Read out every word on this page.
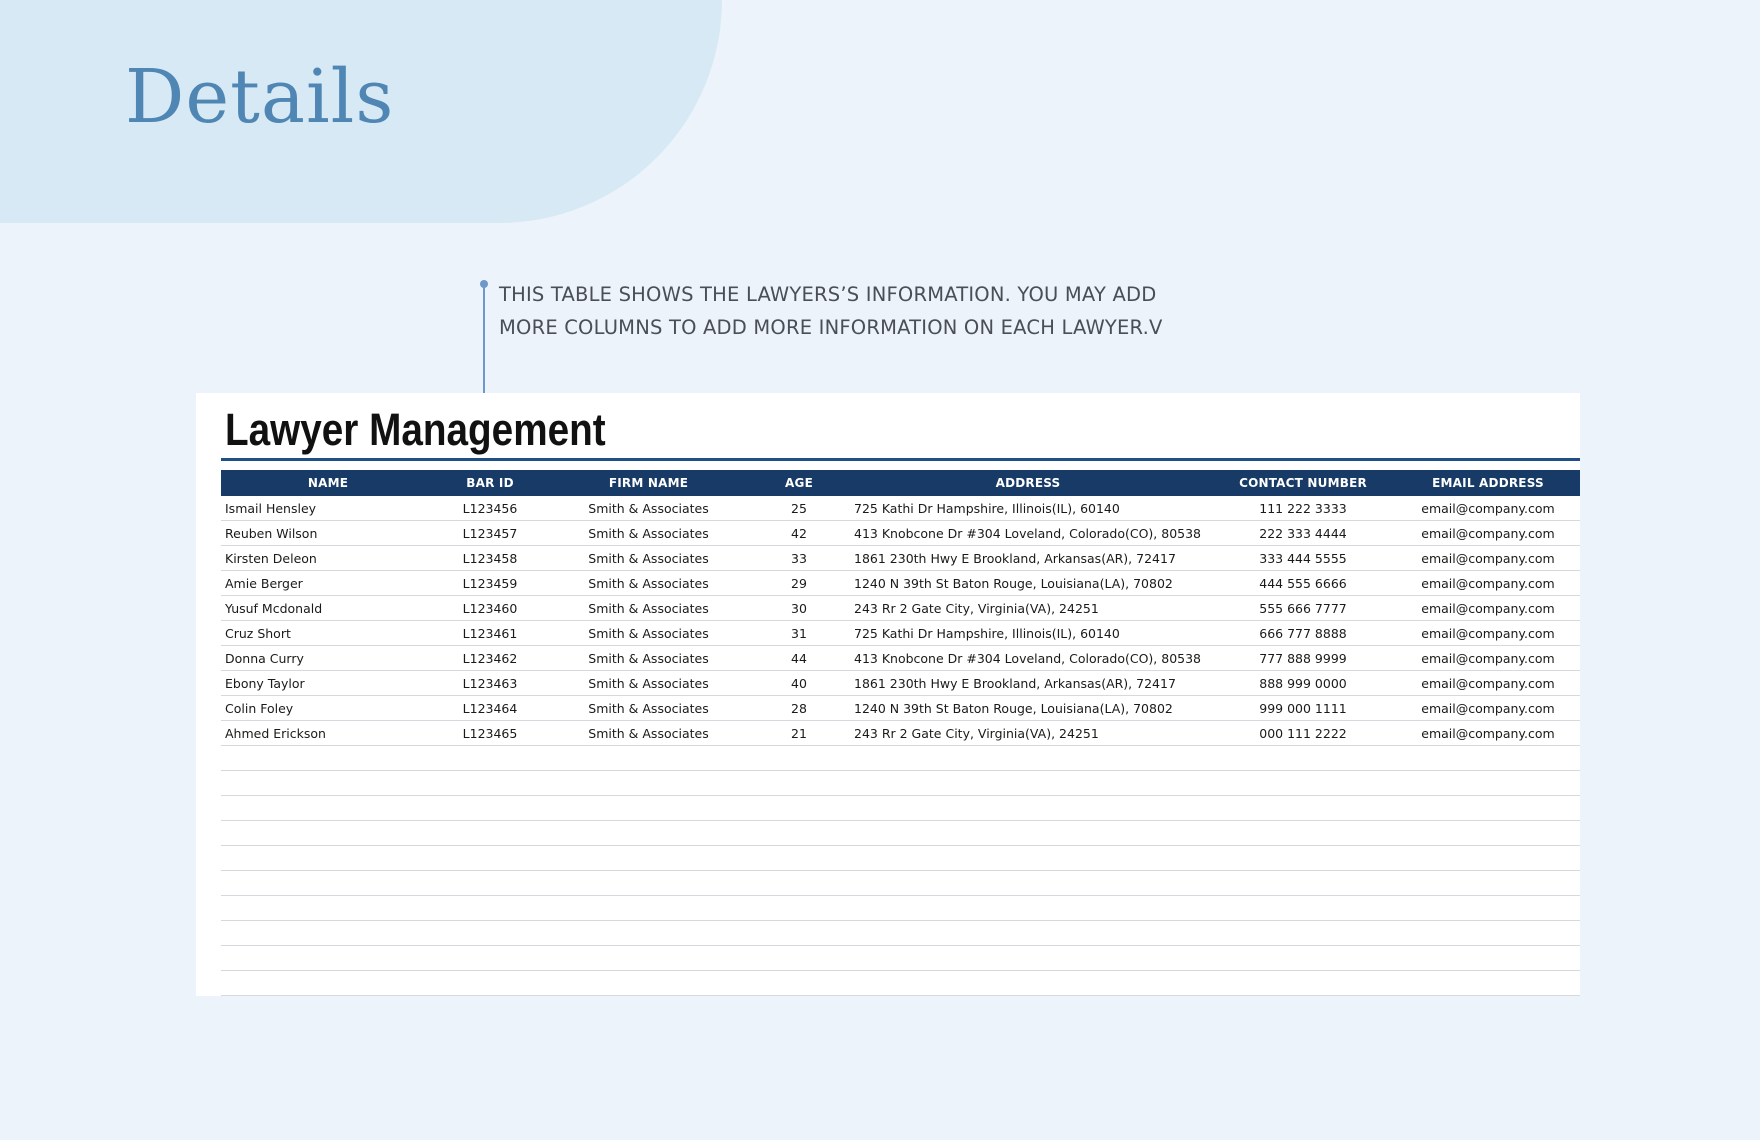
Details

THIS TABLE SHOWS THE LAWYERS’S INFORMATION. YOU MAY ADD MORE COLUMNS TO ADD MORE INFORMATION ON EACH LAWYER.V

Lawyer Management
NAME	BAR ID	FIRM NAME	AGE	ADDRESS	CONTACT NUMBER	EMAIL ADDRESS
Ismail Hensley	L123456	Smith & Associates	25	725 Kathi Dr Hampshire, Illinois(IL), 60140	111 222 3333	email@company.com
Reuben Wilson	L123457	Smith & Associates	42	413 Knobcone Dr #304 Loveland, Colorado(CO), 80538	222 333 4444	email@company.com
Kirsten Deleon	L123458	Smith & Associates	33	1861 230th Hwy E Brookland, Arkansas(AR), 72417	333 444 5555	email@company.com
Amie Berger	L123459	Smith & Associates	29	1240 N 39th St Baton Rouge, Louisiana(LA), 70802	444 555 6666	email@company.com
Yusuf Mcdonald	L123460	Smith & Associates	30	243 Rr 2 Gate City, Virginia(VA), 24251	555 666 7777	email@company.com
Cruz Short	L123461	Smith & Associates	31	725 Kathi Dr Hampshire, Illinois(IL), 60140	666 777 8888	email@company.com
Donna Curry	L123462	Smith & Associates	44	413 Knobcone Dr #304 Loveland, Colorado(CO), 80538	777 888 9999	email@company.com
Ebony Taylor	L123463	Smith & Associates	40	1861 230th Hwy E Brookland, Arkansas(AR), 72417	888 999 0000	email@company.com
Colin Foley	L123464	Smith & Associates	28	1240 N 39th St Baton Rouge, Louisiana(LA), 70802	999 000 1111	email@company.com
Ahmed Erickson	L123465	Smith & Associates	21	243 Rr 2 Gate City, Virginia(VA), 24251	000 111 2222	email@company.com
